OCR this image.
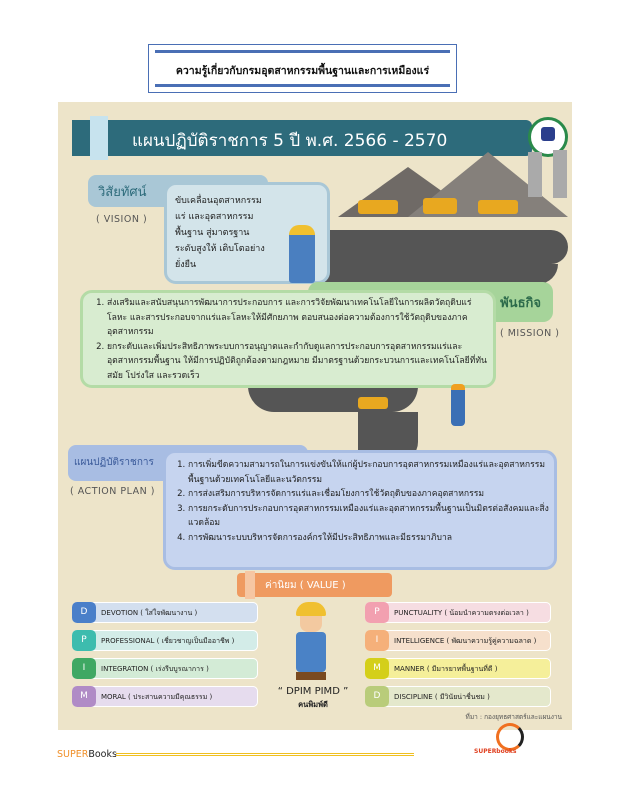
ความรู้เกี่ยวกับกรมอุตสาหกรรมพื้นฐานและการเหมืองแร่
แผนปฏิบัติราชการ 5 ปี พ.ศ. 2566 - 2570
วิสัยทัศน์
( VISION )
ขับเคลื่อนอุตสาหกรรมแร่ และอุตสาหกรรมพื้นฐาน สู่มาตรฐานระดับสูงให้ เติบโตอย่างยั่งยืน
พันธกิจ
1. ส่งเสริมและสนับสนุนการพัฒนาการประกอบการ และการวิจัยพัฒนาเทคโนโลยีในการผลิตวัตถุดิบแร่ โลหะ และสารประกอบจากแร่และโลหะให้มีศักยภาพ ตอบสนองต่อความต้องการใช้วัตถุดิบของภาคอุตสาหกรรม
2. ยกระดับและเพิ่มประสิทธิภาพระบบการอนุญาตและกำกับดูแลการประกอบการอุตสาหกรรมแร่และอุตสาหกรรมพื้นฐาน ให้มีการปฏิบัติถูกต้องตามกฎหมาย มีมาตรฐานด้วยกระบวนการและเทคโนโลยีที่ทันสมัย โปร่งใส และรวดเร็ว
( MISSION )
แผนปฏิบัติราชการ
( ACTION PLAN )
1. การเพิ่มขีดความสามารถในการแข่งขันให้แก่ผู้ประกอบการอุตสาหกรรมเหมืองแร่และอุตสาหกรรมพื้นฐานด้วยเทคโนโลยีและนวัตกรรม
2. การส่งเสริมการบริหารจัดการแร่และเชื่อมโยงการใช้วัตถุดิบของภาคอุตสาหกรรม
3. การยกระดับการประกอบการอุตสาหกรรมเหมืองแร่และอุตสาหกรรมพื้นฐานเป็นมิตรต่อสังคมและสิ่งแวดล้อม
4. การพัฒนาระบบบริหารจัดการองค์กรให้มีประสิทธิภาพและมีธรรมาภิบาล
ค่านิยม ( VALUE )
D	DEVOTION ( ใส่ใจพัฒนางาน )
P	PROFESSIONAL ( เชี่ยวชาญเป็นมืออาชีพ )
I	INTEGRATION ( เร่งรีบบูรณาการ )
M	MORAL ( ประสานความมีคุณธรรม )
P	PUNCTUALITY ( น้อมนำความตรงต่อเวลา )
I	INTELLIGENCE ( พัฒนาความรู้คู่ความฉลาด )
M	MANNER ( มีมารยาทพื้นฐานที่ดี )
D	DISCIPLINE ( มีวินัยน่าชื่นชม )
“ DPIM PIMD ”
คนพิมพ์ดี
ที่มา : กองยุทธศาสตร์และแผนงาน
SUPERBooks	SUPERbooks
